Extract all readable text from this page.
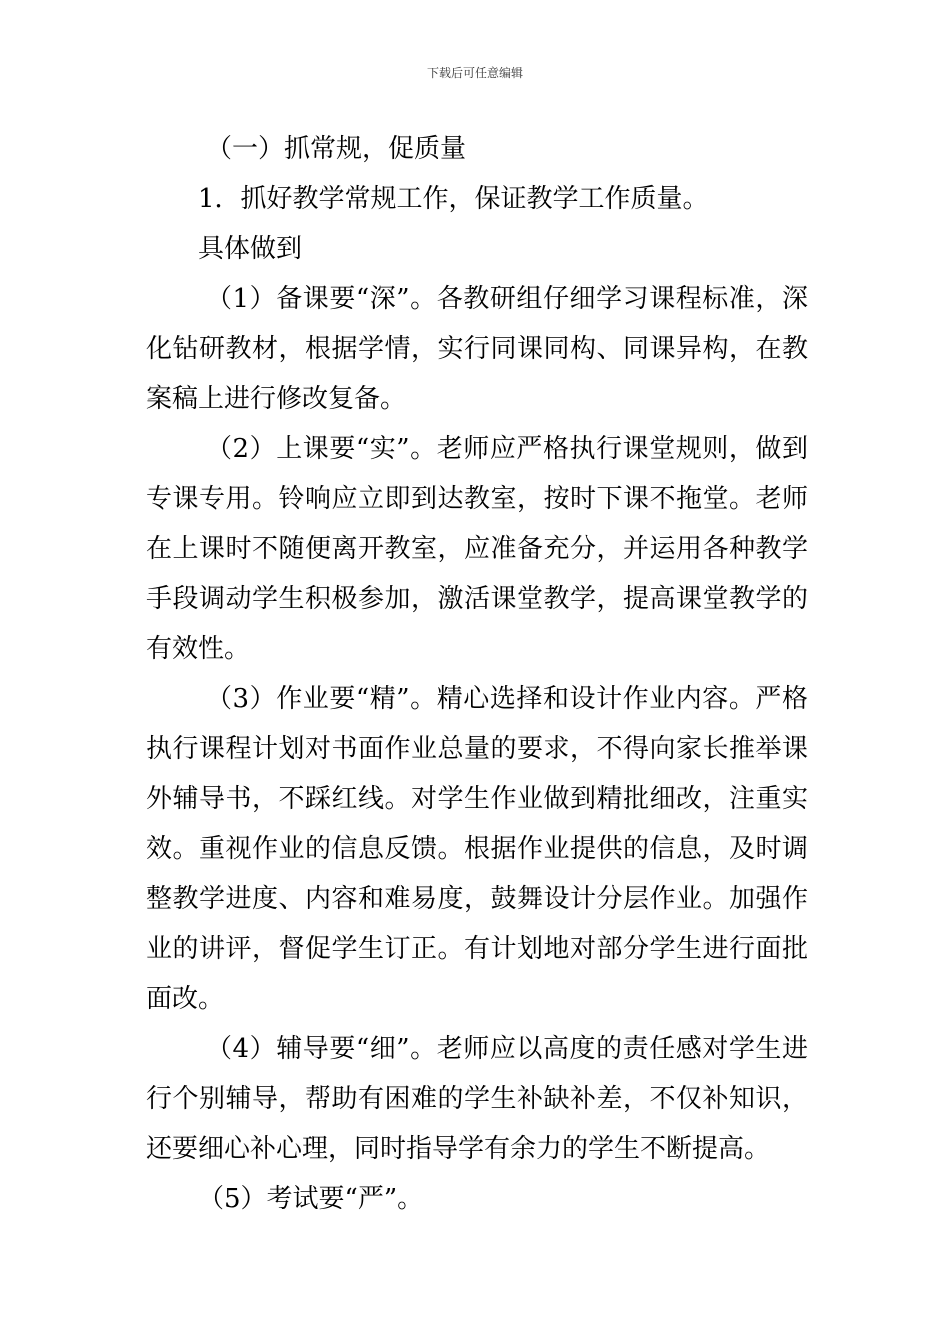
下载后可任意编辑

（一）抓常规，促质量

1．抓好教学常规工作，保证教学工作质量。

具体做到

（1）备课要“深”。各教研组仔细学习课程标准，深化钻研教材，根据学情，实行同课同构、同课异构，在教案稿上进行修改复备。

（2）上课要“实”。老师应严格执行课堂规则，做到专课专用。铃响应立即到达教室，按时下课不拖堂。老师在上课时不随便离开教室，应准备充分，并运用各种教学手段调动学生积极参加，激活课堂教学，提高课堂教学的有效性。

（3）作业要“精”。精心选择和设计作业内容。严格执行课程计划对书面作业总量的要求，不得向家长推举课外辅导书，不踩红线。对学生作业做到精批细改，注重实效。重视作业的信息反馈。根据作业提供的信息，及时调整教学进度、内容和难易度，鼓舞设计分层作业。加强作业的讲评，督促学生订正。有计划地对部分学生进行面批面改。

（4）辅导要“细”。老师应以高度的责任感对学生进行个别辅导，帮助有困难的学生补缺补差，不仅补知识，还要细心补心理，同时指导学有余力的学生不断提高。

（5）考试要“严”。
